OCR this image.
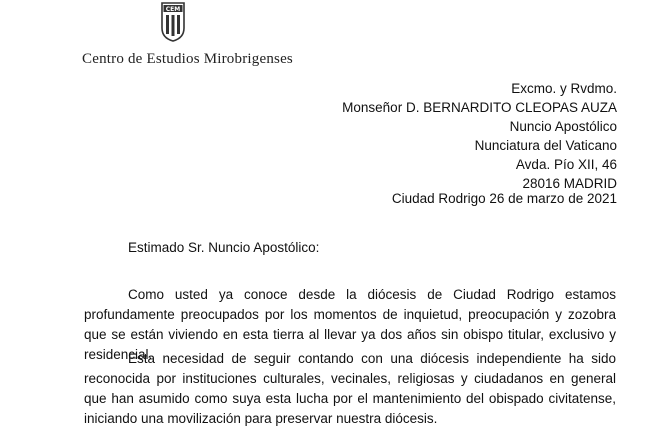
CEM
Centro de Estudios Mirobrigenses
Excmo. y Rvdmo.
Monseñor D. BERNARDITO CLEOPAS AUZA
Nuncio Apostólico
Nunciatura del Vaticano
Avda. Pío XII, 46
28016 MADRID
Ciudad Rodrigo 26 de marzo de 2021
Estimado Sr. Nuncio Apostólico:
Como usted ya conoce desde la diócesis de Ciudad Rodrigo estamos profundamente preocupados por los momentos de inquietud, preocupación y zozobra que se están viviendo en esta tierra al llevar ya dos años sin obispo titular, exclusivo y residencial.
Esta necesidad de seguir contando con una diócesis independiente ha sido reconocida por instituciones culturales, vecinales, religiosas y ciudadanos en general que han asumido como suya esta lucha por el mantenimiento del obispado civitatense, iniciando una movilización para preservar nuestra diócesis.
